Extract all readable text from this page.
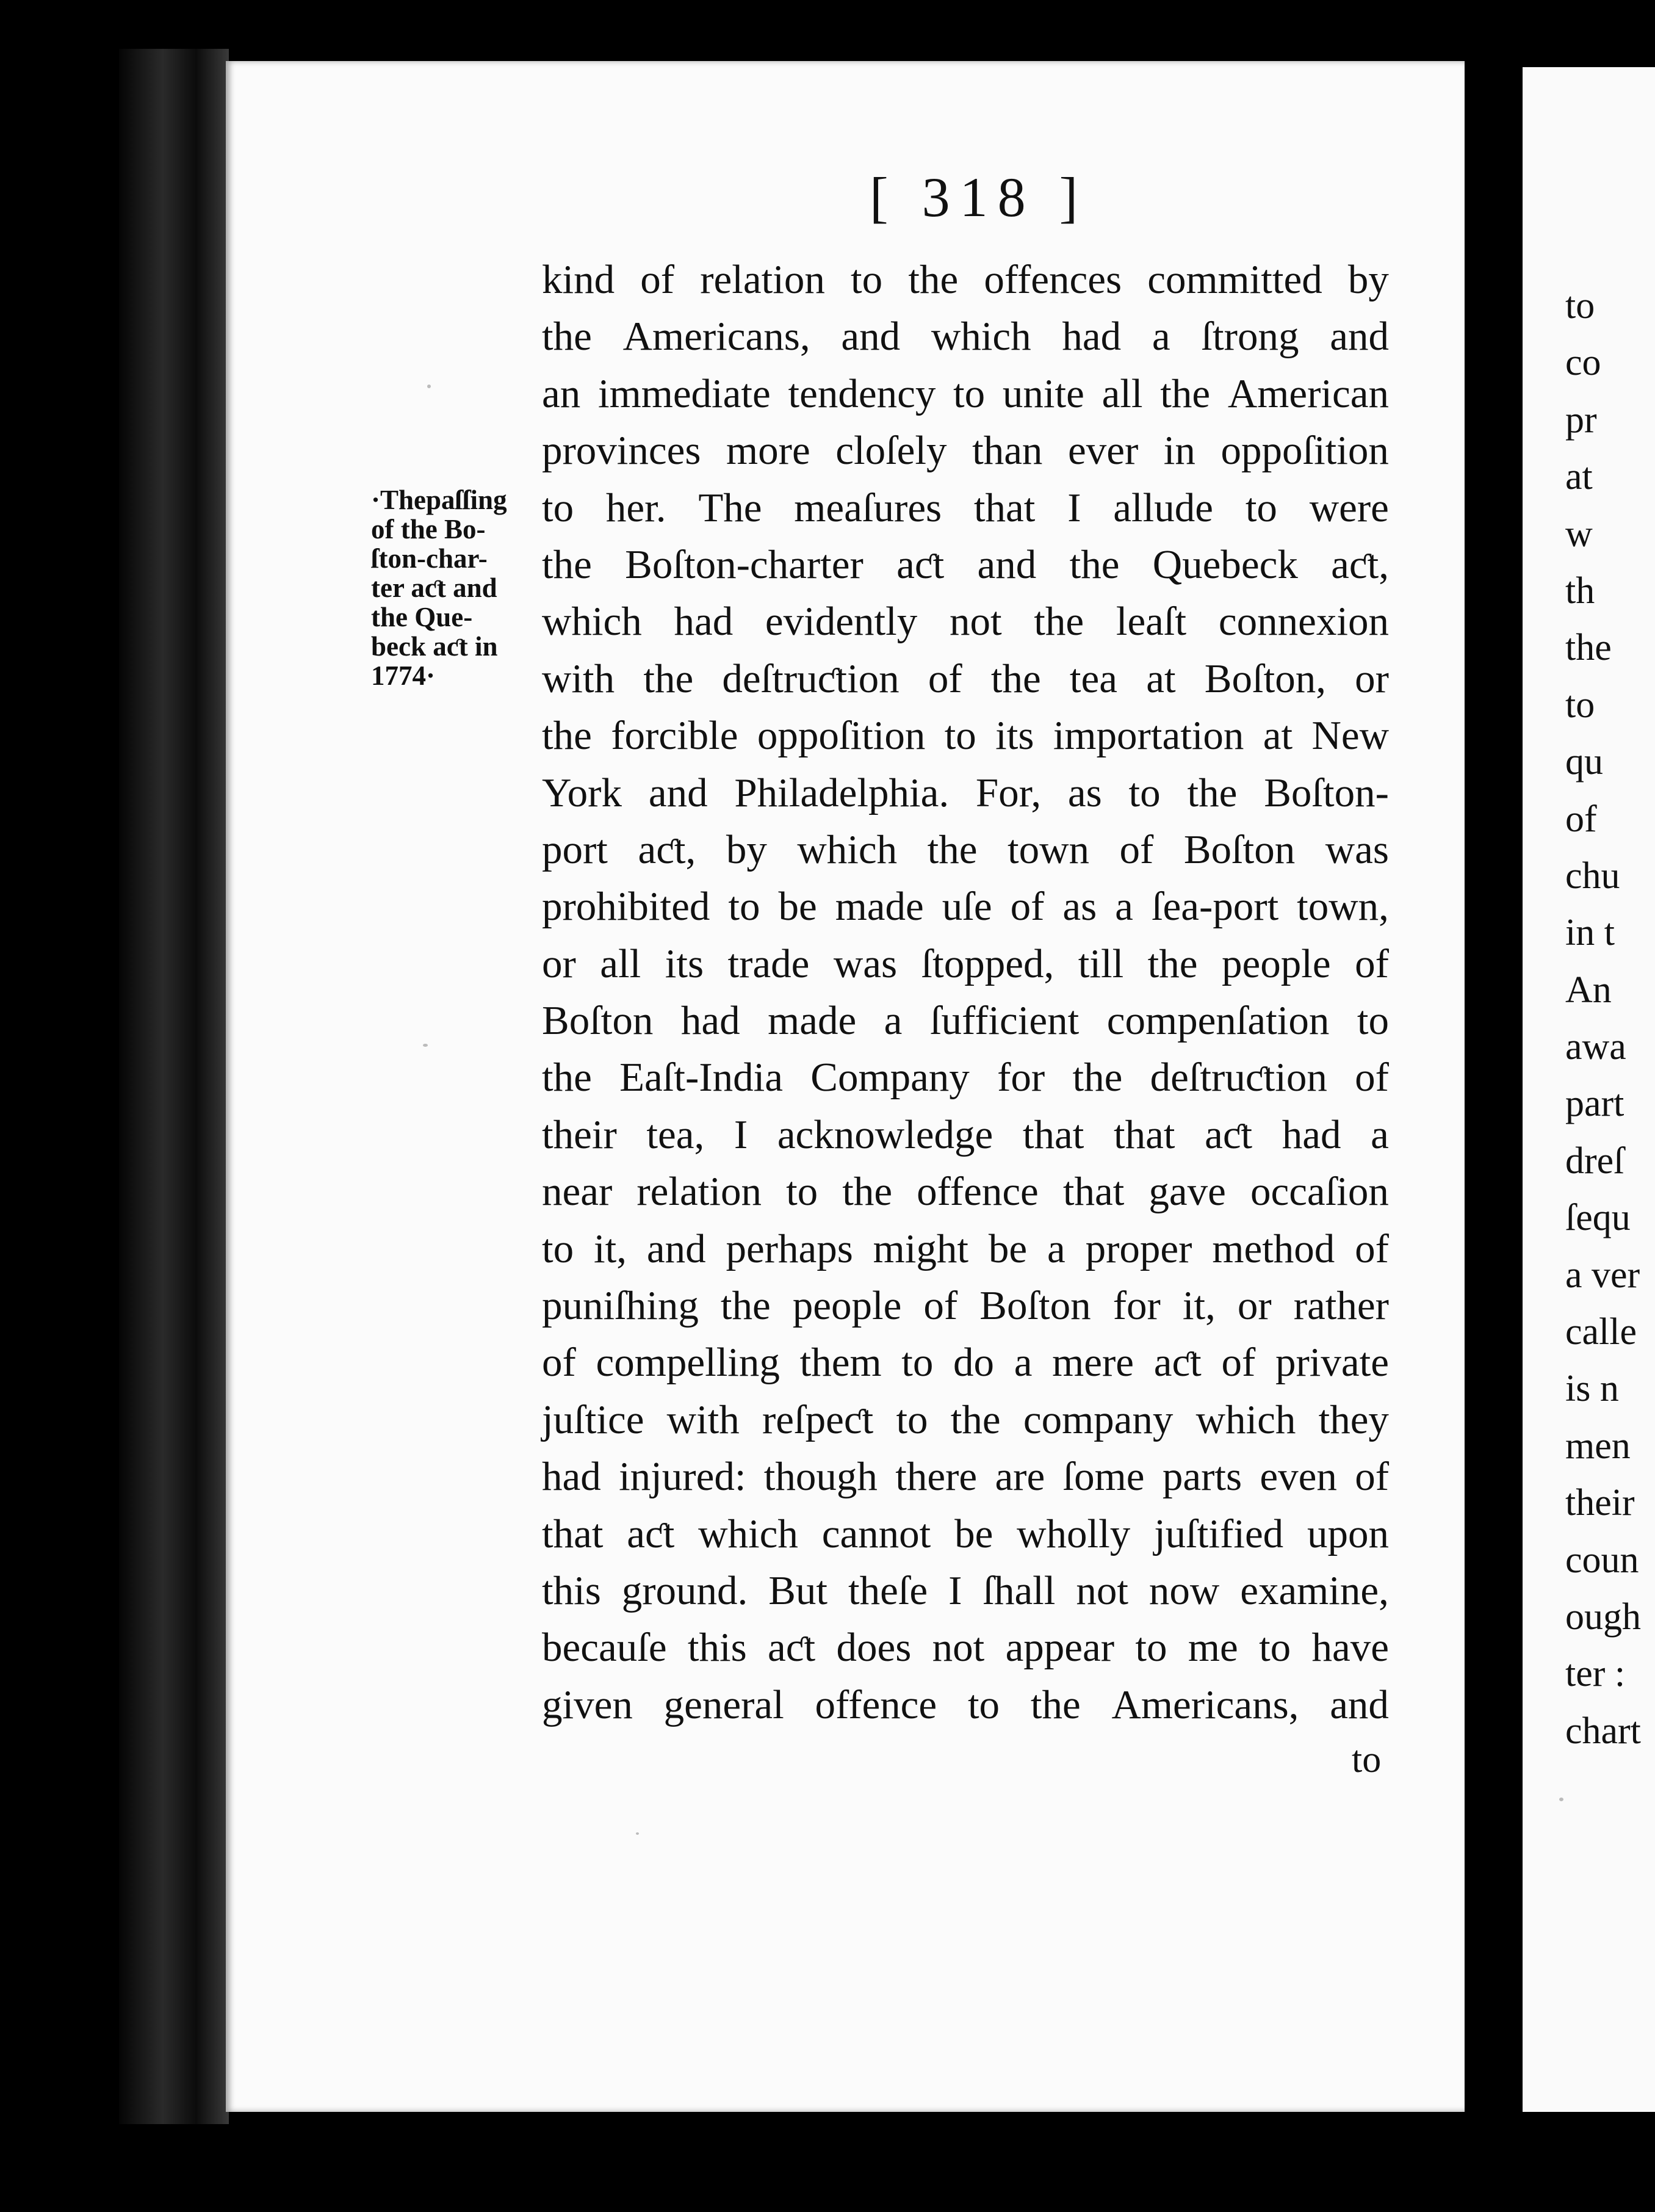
[ 318 ]
·Thepaſſing
of the Bo-
ſton-char-
ter aƈt and
the Que-
beck aƈt in
1774·
kind of relation to the offences committed by
the Americans, and which had a ſtrong and
an immediate tendency to unite all the American
provinces more cloſely than ever in oppoſition
to her. The meaſures that I allude to were
the Boſton-charter aƈt and the Quebeck aƈt,
which had evidently not the leaſt connexion
with the deſtruƈtion of the tea at Boſton, or
the forcible oppoſition to its importation at New
York and Philadelphia. For, as to the Boſton-
port aƈt, by which the town of Boſton was
prohibited to be made uſe of as a ſea-port town,
or all its trade was ſtopped, till the people of
Boſton had made a ſufficient compenſation to
the Eaſt-India Company for the deſtruƈtion of
their tea, I acknowledge that that aƈt had a
near relation to the offence that gave occaſion
to it, and perhaps might be a proper method of
puniſhing the people of Boſton for it, or rather
of compelling them to do a mere aƈt of private
juſtice with reſpeƈt to the company which they
had injured: though there are ſome parts even of
that aƈt which cannot be wholly juſtified upon
this ground. But theſe I ſhall not now examine,
becauſe this aƈt does not appear to me to have
given general offence to the Americans, and
to
to
co
pr
at
w
th
the
to
qu
of
chu
in t
An
awa
part
dreſ
ſequ
a ver
calle
is n
men
their
coun
ough
ter :
chart
